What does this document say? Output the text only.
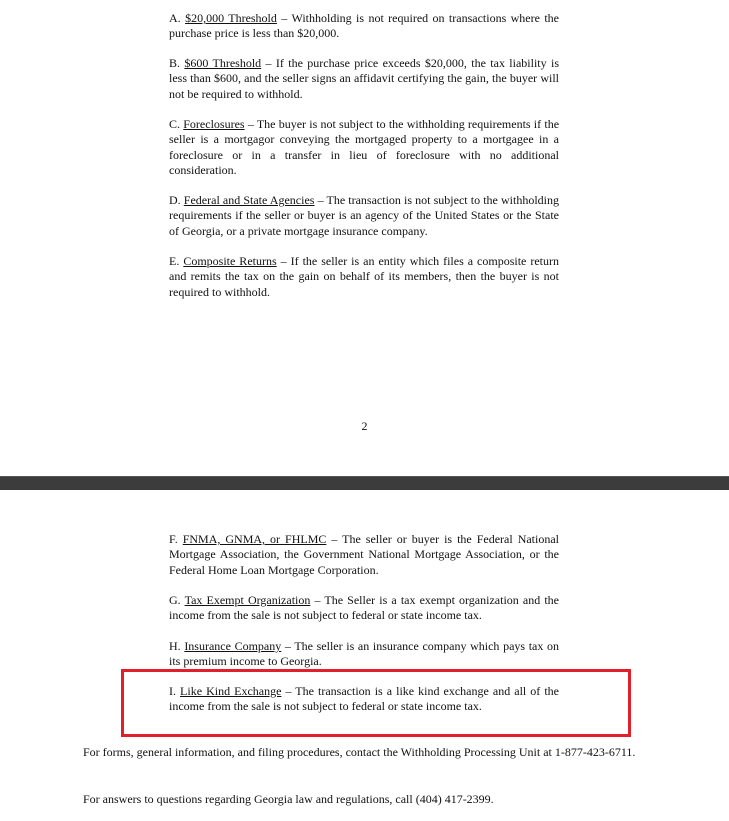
A. $20,000 Threshold – Withholding is not required on transactions where the purchase price is less than $20,000.

B. $600 Threshold – If the purchase price exceeds $20,000, the tax liability is less than $600, and the seller signs an affidavit certifying the gain, the buyer will not be required to withhold.

C. Foreclosures – The buyer is not subject to the withholding requirements if the seller is a mortgagor conveying the mortgaged property to a mortgagee in a foreclosure or in a transfer in lieu of foreclosure with no additional consideration.

D. Federal and State Agencies – The transaction is not subject to the withholding requirements if the seller or buyer is an agency of the United States or the State of Georgia, or a private mortgage insurance company.

E. Composite Returns – If the seller is an entity which files a composite return and remits the tax on the gain on behalf of its members, then the buyer is not required to withhold.

2

F. FNMA, GNMA, or FHLMC – The seller or buyer is the Federal National Mortgage Association, the Government National Mortgage Association, or the Federal Home Loan Mortgage Corporation.

G. Tax Exempt Organization – The Seller is a tax exempt organization and the income from the sale is not subject to federal or state income tax.

H. Insurance Company – The seller is an insurance company which pays tax on its premium income to Georgia.

I. Like Kind Exchange – The transaction is a like kind exchange and all of the income from the sale is not subject to federal or state income tax.

For forms, general information, and filing procedures, contact the Withholding Processing Unit at 1-877-423-6711.

For answers to questions regarding Georgia law and regulations, call (404) 417-2399.
